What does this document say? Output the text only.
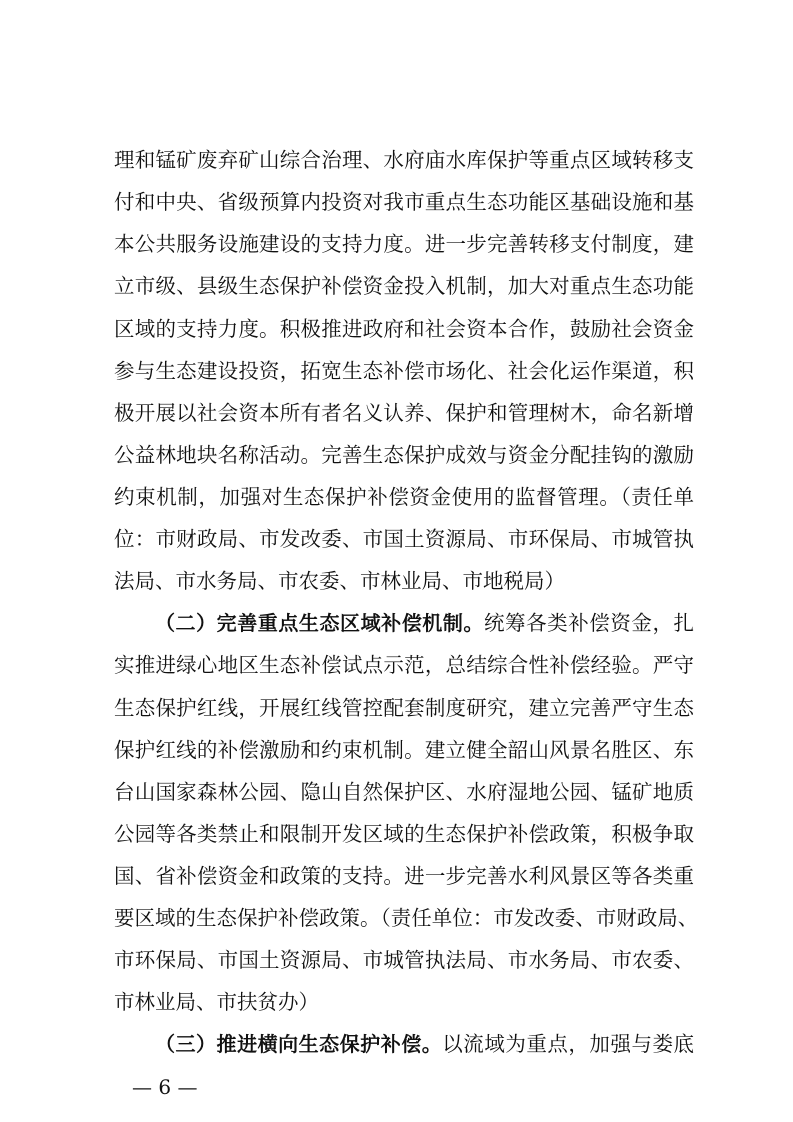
理和锰矿废弃矿山综合治理、水府庙水库保护等重点区域转移支
付和中央、省级预算内投资对我市重点生态功能区基础设施和基
本公共服务设施建设的支持力度。进一步完善转移支付制度，建
立市级、县级生态保护补偿资金投入机制，加大对重点生态功能
区域的支持力度。积极推进政府和社会资本合作，鼓励社会资金
参与生态建设投资，拓宽生态补偿市场化、社会化运作渠道，积
极开展以社会资本所有者名义认养、保护和管理树木，命名新增
公益林地块名称活动。完善生态保护成效与资金分配挂钩的激励
约束机制，加强对生态保护补偿资金使用的监督管理。（责任单
位：市财政局、市发改委、市国土资源局、市环保局、市城管执
法局、市水务局、市农委、市林业局、市地税局）
（二）完善重点生态区域补偿机制。统筹各类补偿资金，扎
实推进绿心地区生态补偿试点示范，总结综合性补偿经验。严守
生态保护红线，开展红线管控配套制度研究，建立完善严守生态
保护红线的补偿激励和约束机制。建立健全韶山风景名胜区、东
台山国家森林公园、隐山自然保护区、水府湿地公园、锰矿地质
公园等各类禁止和限制开发区域的生态保护补偿政策，积极争取
国、省补偿资金和政策的支持。进一步完善水利风景区等各类重
要区域的生态保护补偿政策。（责任单位：市发改委、市财政局、
市环保局、市国土资源局、市城管执法局、市水务局、市农委、
市林业局、市扶贫办）
（三）推进横向生态保护补偿。以流域为重点，加强与娄底
— 6 —
